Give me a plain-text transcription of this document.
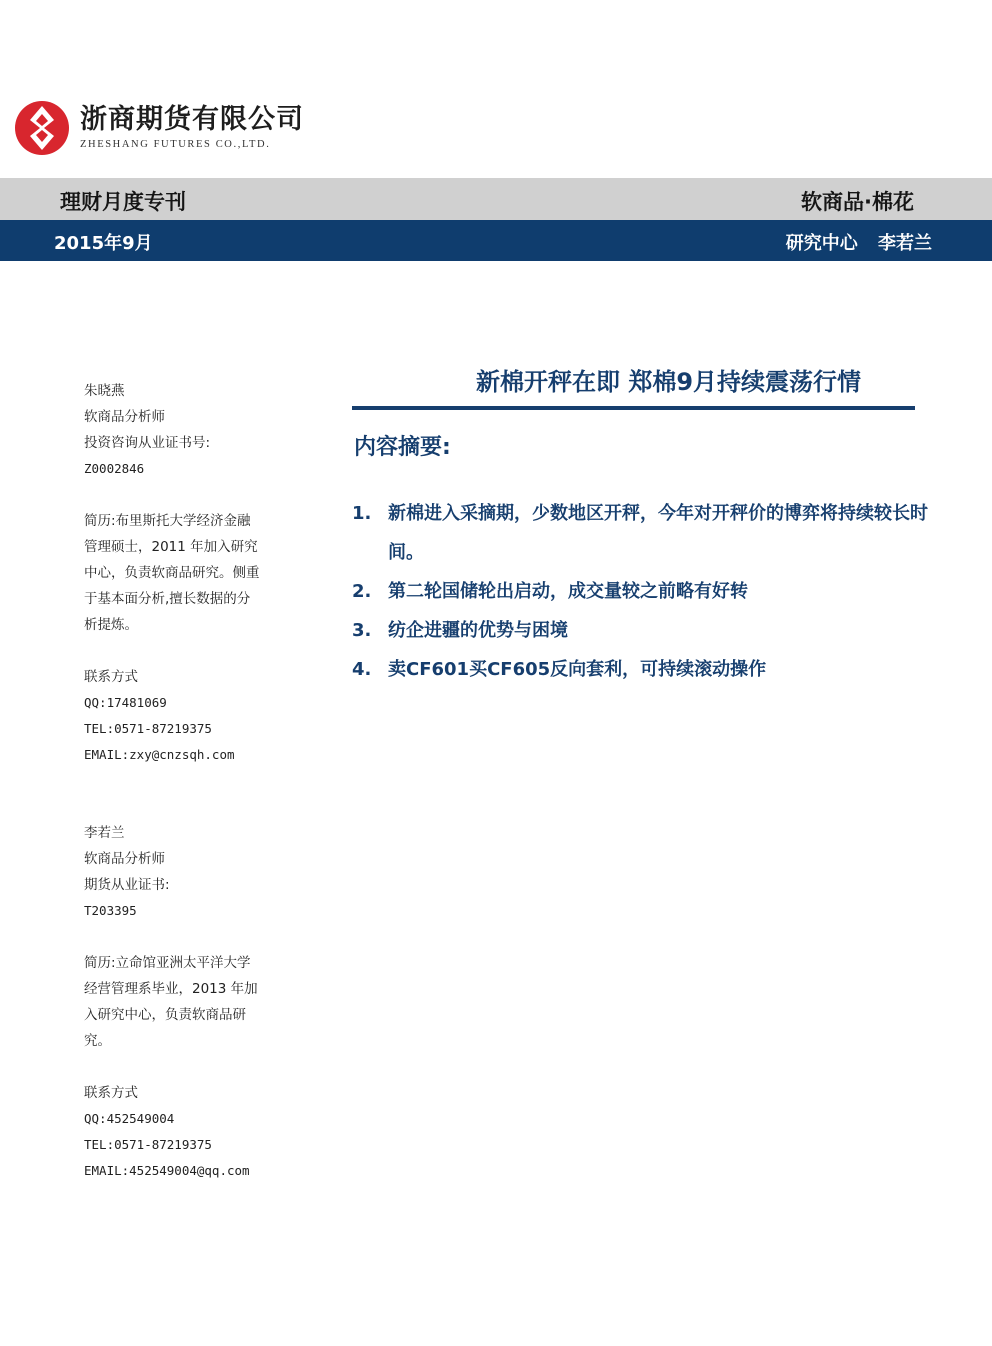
浙商期货有限公司
ZHESHANG FUTURES CO.,LTD.
理财月度专刊	软商品·棉花
2015年9月	研究中心 李若兰
朱晓燕
软商品分析师
投资咨询从业证书号:
Z0002846
简历:布里斯托大学经济金融
管理硕士，2011 年加入研究
中心，负责软商品研究。侧重
于基本面分析,擅长数据的分
析提炼。
联系方式
QQ:17481069
TEL:0571-87219375
EMAIL:zxy@cnzsqh.com
李若兰
软商品分析师
期货从业证书:
T203395
简历:立命馆亚洲太平洋大学
经营管理系毕业，2013 年加
入研究中心，负责软商品研
究。
联系方式
QQ:452549004
TEL:0571-87219375
EMAIL:452549004@qq.com
新棉开秤在即 郑棉9月持续震荡行情
内容摘要:
1. 新棉进入采摘期，少数地区开秤，今年对开秤价的博弈将持续较长时间。
2. 第二轮国储轮出启动，成交量较之前略有好转
3. 纺企进疆的优势与困境
4. 卖CF601买CF605反向套利，可持续滚动操作
